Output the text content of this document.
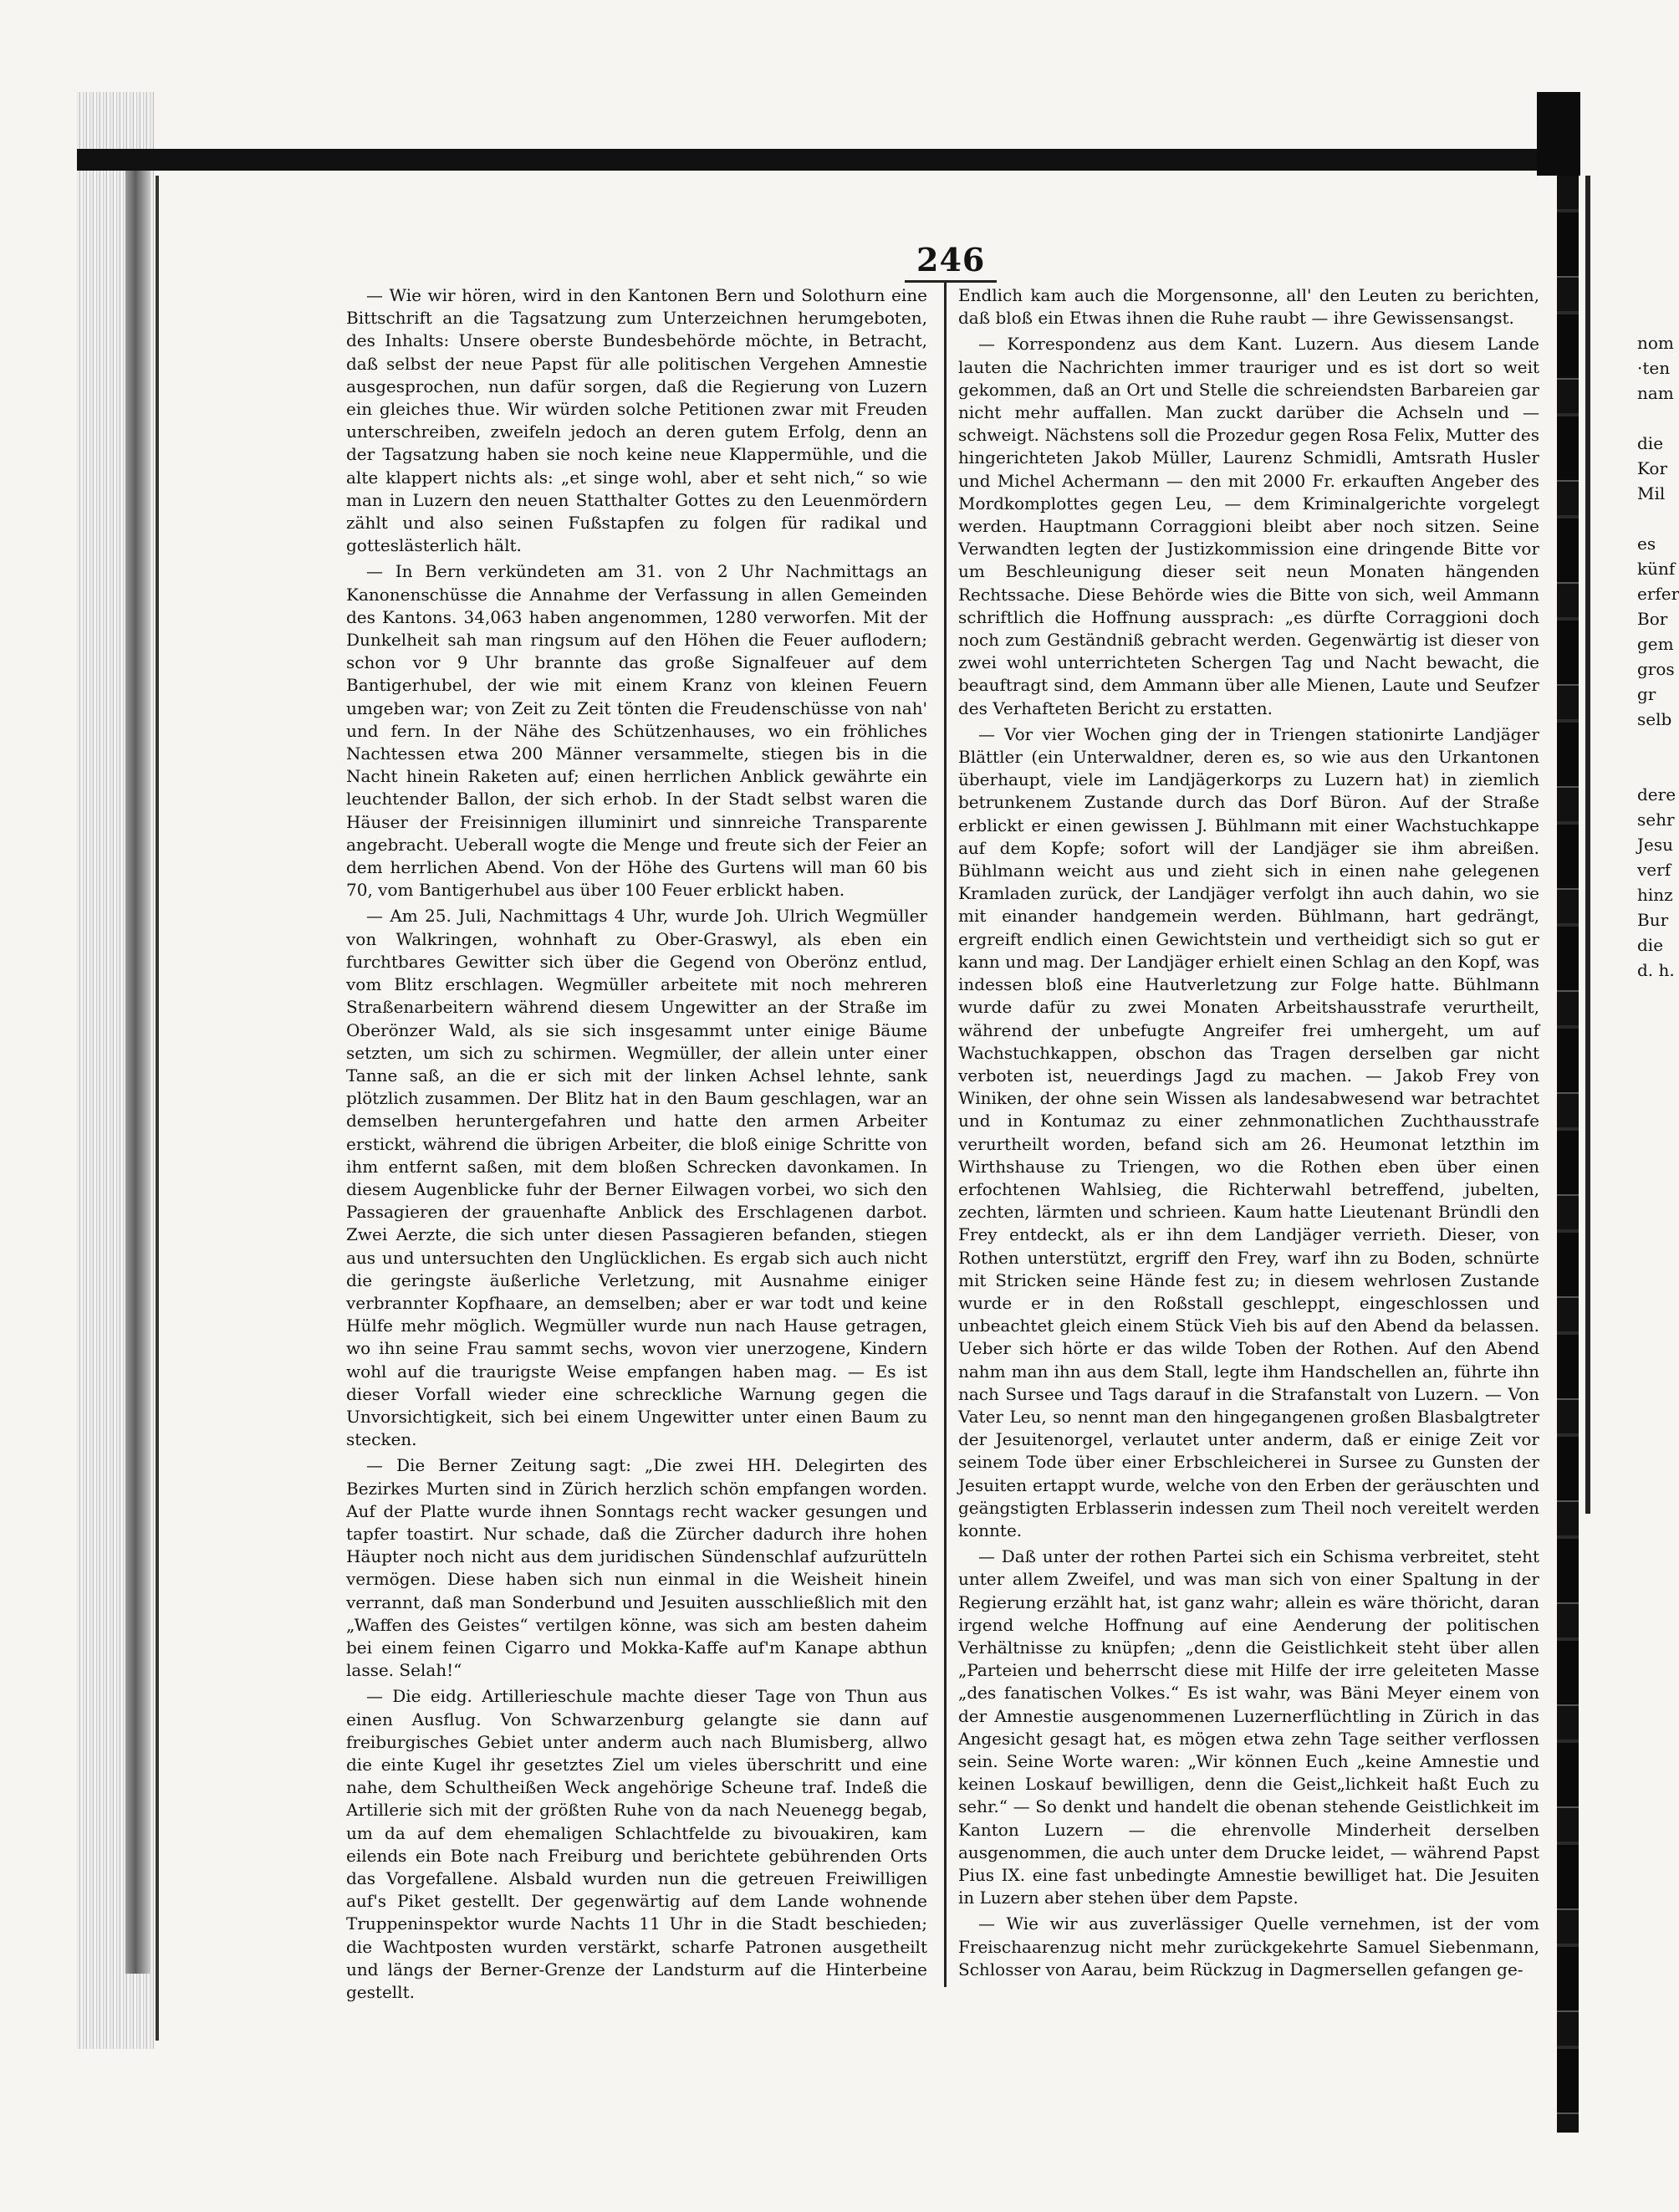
246

— Wie wir hören, wird in den Kantonen Bern und Solothurn eine Bittschrift an die Tagsatzung zum Unterzeichnen herumgeboten, des Inhalts: Unsere oberste Bundesbehörde möchte, in Betracht, daß selbst der neue Papst für alle politischen Vergehen Amnestie ausgesprochen, nun dafür sorgen, daß die Regierung von Luzern ein gleiches thue. Wir würden solche Petitionen zwar mit Freuden unterschreiben, zweifeln jedoch an deren gutem Erfolg, denn an der Tagsatzung haben sie noch keine neue Klappermühle, und die alte klappert nichts als: „et singe wohl, aber et seht nich,“ so wie man in Luzern den neuen Statthalter Gottes zu den Leuenmördern zählt und also seinen Fußstapfen zu folgen für radikal und gotteslästerlich hält.

— In Bern verkündeten am 31. von 2 Uhr Nachmittags an Kanonenschüsse die Annahme der Verfassung in allen Gemeinden des Kantons. 34,063 haben angenommen, 1280 verworfen. Mit der Dunkelheit sah man ringsum auf den Höhen die Feuer auflodern; schon vor 9 Uhr brannte das große Signalfeuer auf dem Bantigerhubel, der wie mit einem Kranz von kleinen Feuern umgeben war; von Zeit zu Zeit tönten die Freudenschüsse von nah' und fern. In der Nähe des Schützenhauses, wo ein fröhliches Nachtessen etwa 200 Männer versammelte, stiegen bis in die Nacht hinein Raketen auf; einen herrlichen Anblick gewährte ein leuchtender Ballon, der sich erhob. In der Stadt selbst waren die Häuser der Freisinnigen illuminirt und sinnreiche Transparente angebracht. Ueberall wogte die Menge und freute sich der Feier an dem herrlichen Abend. Von der Höhe des Gurtens will man 60 bis 70, vom Bantigerhubel aus über 100 Feuer erblickt haben.

— Am 25. Juli, Nachmittags 4 Uhr, wurde Joh. Ulrich Wegmüller von Walkringen, wohnhaft zu Ober-Graswyl, als eben ein furchtbares Gewitter sich über die Gegend von Oberönz entlud, vom Blitz erschlagen. Wegmüller arbeitete mit noch mehreren Straßenarbeitern während diesem Ungewitter an der Straße im Oberönzer Wald, als sie sich insgesammt unter einige Bäume setzten, um sich zu schirmen. Wegmüller, der allein unter einer Tanne saß, an die er sich mit der linken Achsel lehnte, sank plötzlich zusammen. Der Blitz hat in den Baum geschlagen, war an demselben heruntergefahren und hatte den armen Arbeiter erstickt, während die übrigen Arbeiter, die bloß einige Schritte von ihm entfernt saßen, mit dem bloßen Schrecken davonkamen. In diesem Augenblicke fuhr der Berner Eilwagen vorbei, wo sich den Passagieren der grauenhafte Anblick des Erschlagenen darbot. Zwei Aerzte, die sich unter diesen Passagieren befanden, stiegen aus und untersuchten den Unglücklichen. Es ergab sich auch nicht die geringste äußerliche Verletzung, mit Ausnahme einiger verbrannter Kopfhaare, an demselben; aber er war todt und keine Hülfe mehr möglich. Wegmüller wurde nun nach Hause getragen, wo ihn seine Frau sammt sechs, wovon vier unerzogene, Kindern wohl auf die traurigste Weise empfangen haben mag. — Es ist dieser Vorfall wieder eine schreckliche Warnung gegen die Unvorsichtigkeit, sich bei einem Ungewitter unter einen Baum zu stecken.

— Die Berner Zeitung sagt: „Die zwei HH. Delegirten des Bezirkes Murten sind in Zürich herzlich schön empfangen worden. Auf der Platte wurde ihnen Sonntags recht wacker gesungen und tapfer toastirt. Nur schade, daß die Zürcher dadurch ihre hohen Häupter noch nicht aus dem juridischen Sündenschlaf aufzurütteln vermögen. Diese haben sich nun einmal in die Weisheit hinein verrannt, daß man Sonderbund und Jesuiten ausschließlich mit den „Waffen des Geistes“ vertilgen könne, was sich am besten daheim bei einem feinen Cigarro und Mokka-Kaffe auf'm Kanape abthun lasse. Selah!“

— Die eidg. Artillerieschule machte dieser Tage von Thun aus einen Ausflug. Von Schwarzenburg gelangte sie dann auf freiburgisches Gebiet unter anderm auch nach Blumisberg, allwo die einte Kugel ihr gesetztes Ziel um vieles überschritt und eine nahe, dem Schultheißen Weck angehörige Scheune traf. Indeß die Artillerie sich mit der größten Ruhe von da nach Neuenegg begab, um da auf dem ehemaligen Schlachtfelde zu bivouakiren, kam eilends ein Bote nach Freiburg und berichtete gebührenden Orts das Vorgefallene. Alsbald wurden nun die getreuen Freiwilligen auf's Piket gestellt. Der gegenwärtig auf dem Lande wohnende Truppeninspektor wurde Nachts 11 Uhr in die Stadt beschieden; die Wachtposten wurden verstärkt, scharfe Patronen ausgetheilt und längs der Berner-Grenze der Landsturm auf die Hinterbeine gestellt.

Endlich kam auch die Morgensonne, all' den Leuten zu berichten, daß bloß ein Etwas ihnen die Ruhe raubt — ihre Gewissensangst.

— Korrespondenz aus dem Kant. Luzern. Aus diesem Lande lauten die Nachrichten immer trauriger und es ist dort so weit gekommen, daß an Ort und Stelle die schreiendsten Barbareien gar nicht mehr auffallen. Man zuckt darüber die Achseln und — schweigt. Nächstens soll die Prozedur gegen Rosa Felix, Mutter des hingerichteten Jakob Müller, Laurenz Schmidli, Amtsrath Husler und Michel Achermann — den mit 2000 Fr. erkauften Angeber des Mordkomplottes gegen Leu, — dem Kriminalgerichte vorgelegt werden. Hauptmann Corraggioni bleibt aber noch sitzen. Seine Verwandten legten der Justizkommission eine dringende Bitte vor um Beschleunigung dieser seit neun Monaten hängenden Rechtssache. Diese Behörde wies die Bitte von sich, weil Ammann schriftlich die Hoffnung aussprach: „es dürfte Corraggioni doch noch zum Geständniß gebracht werden. Gegenwärtig ist dieser von zwei wohl unterrichteten Schergen Tag und Nacht bewacht, die beauftragt sind, dem Ammann über alle Mienen, Laute und Seufzer des Verhafteten Bericht zu erstatten.

— Vor vier Wochen ging der in Triengen stationirte Landjäger Blättler (ein Unterwaldner, deren es, so wie aus den Urkantonen überhaupt, viele im Landjägerkorps zu Luzern hat) in ziemlich betrunkenem Zustande durch das Dorf Büron. Auf der Straße erblickt er einen gewissen J. Bühlmann mit einer Wachstuchkappe auf dem Kopfe; sofort will der Landjäger sie ihm abreißen. Bühlmann weicht aus und zieht sich in einen nahe gelegenen Kramladen zurück, der Landjäger verfolgt ihn auch dahin, wo sie mit einander handgemein werden. Bühlmann, hart gedrängt, ergreift endlich einen Gewichtstein und vertheidigt sich so gut er kann und mag. Der Landjäger erhielt einen Schlag an den Kopf, was indessen bloß eine Hautverletzung zur Folge hatte. Bühlmann wurde dafür zu zwei Monaten Arbeitshausstrafe verurtheilt, während der unbefugte Angreifer frei umhergeht, um auf Wachstuchkappen, obschon das Tragen derselben gar nicht verboten ist, neuerdings Jagd zu machen. — Jakob Frey von Winiken, der ohne sein Wissen als landesabwesend war betrachtet und in Kontumaz zu einer zehnmonatlichen Zuchthausstrafe verurtheilt worden, befand sich am 26. Heumonat letzthin im Wirthshause zu Triengen, wo die Rothen eben über einen erfochtenen Wahlsieg, die Richterwahl betreffend, jubelten, zechten, lärmten und schrieen. Kaum hatte Lieutenant Bründli den Frey entdeckt, als er ihn dem Landjäger verrieth. Dieser, von Rothen unterstützt, ergriff den Frey, warf ihn zu Boden, schnürte mit Stricken seine Hände fest zu; in diesem wehrlosen Zustande wurde er in den Roßstall geschleppt, eingeschlossen und unbeachtet gleich einem Stück Vieh bis auf den Abend da belassen. Ueber sich hörte er das wilde Toben der Rothen. Auf den Abend nahm man ihn aus dem Stall, legte ihm Handschellen an, führte ihn nach Sursee und Tags darauf in die Strafanstalt von Luzern. — Von Vater Leu, so nennt man den hingegangenen großen Blasbalgtreter der Jesuitenorgel, verlautet unter anderm, daß er einige Zeit vor seinem Tode über einer Erbschleicherei in Sursee zu Gunsten der Jesuiten ertappt wurde, welche von den Erben der geräuschten und geängstigten Erblasserin indessen zum Theil noch vereitelt werden konnte.

— Daß unter der rothen Partei sich ein Schisma verbreitet, steht unter allem Zweifel, und was man sich von einer Spaltung in der Regierung erzählt hat, ist ganz wahr; allein es wäre thöricht, daran irgend welche Hoffnung auf eine Aenderung der politischen Verhältnisse zu knüpfen; „denn die Geistlichkeit steht über allen „Parteien und beherrscht diese mit Hilfe der irre geleiteten Masse „des fanatischen Volkes.“ Es ist wahr, was Bäni Meyer einem von der Amnestie ausgenommenen Luzernerflüchtling in Zürich in das Angesicht gesagt hat, es mögen etwa zehn Tage seither verflossen sein. Seine Worte waren: „Wir können Euch „keine Amnestie und keinen Loskauf bewilligen, denn die Geist„lichkeit haßt Euch zu sehr.“ — So denkt und handelt die obenan stehende Geistlichkeit im Kanton Luzern — die ehrenvolle Minderheit derselben ausgenommen, die auch unter dem Drucke leidet, — während Papst Pius IX. eine fast unbedingte Amnestie bewilliget hat. Die Jesuiten in Luzern aber stehen über dem Papste.

— Wie wir aus zuverlässiger Quelle vernehmen, ist der vom Freischaarenzug nicht mehr zurückgekehrte Samuel Siebenmann, Schlosser von Aarau, beim Rückzug in Dagmersellen gefangen ge-

nom
·ten
nam
die
Kor
Mil
es
künf
erfer
Bor
gem
gros
gr
selb
dere
sehr
Jesu
verf
hinz
Bur
die
d. h.
